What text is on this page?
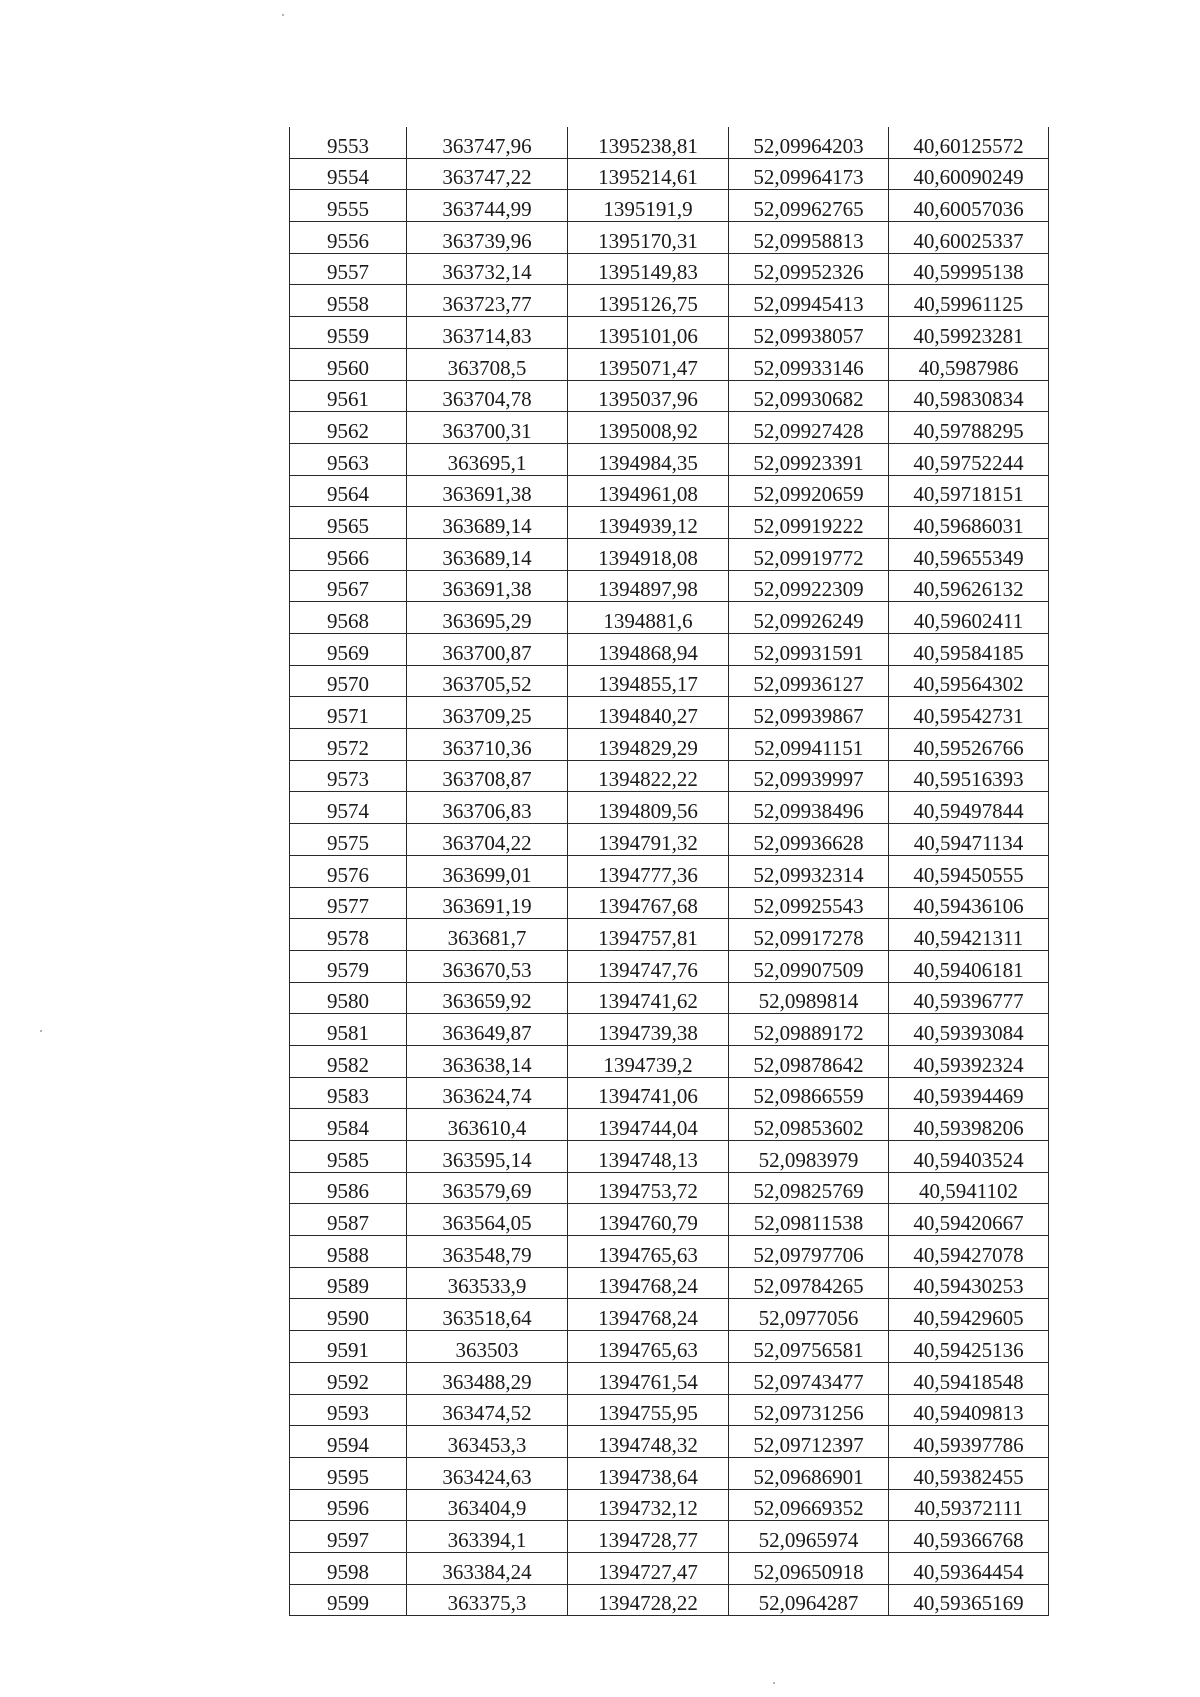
9553	363747,96	1395238,81	52,09964203	40,60125572
9554	363747,22	1395214,61	52,09964173	40,60090249
9555	363744,99	1395191,9	52,09962765	40,60057036
9556	363739,96	1395170,31	52,09958813	40,60025337
9557	363732,14	1395149,83	52,09952326	40,59995138
9558	363723,77	1395126,75	52,09945413	40,59961125
9559	363714,83	1395101,06	52,09938057	40,59923281
9560	363708,5	1395071,47	52,09933146	40,5987986
9561	363704,78	1395037,96	52,09930682	40,59830834
9562	363700,31	1395008,92	52,09927428	40,59788295
9563	363695,1	1394984,35	52,09923391	40,59752244
9564	363691,38	1394961,08	52,09920659	40,59718151
9565	363689,14	1394939,12	52,09919222	40,59686031
9566	363689,14	1394918,08	52,09919772	40,59655349
9567	363691,38	1394897,98	52,09922309	40,59626132
9568	363695,29	1394881,6	52,09926249	40,59602411
9569	363700,87	1394868,94	52,09931591	40,59584185
9570	363705,52	1394855,17	52,09936127	40,59564302
9571	363709,25	1394840,27	52,09939867	40,59542731
9572	363710,36	1394829,29	52,09941151	40,59526766
9573	363708,87	1394822,22	52,09939997	40,59516393
9574	363706,83	1394809,56	52,09938496	40,59497844
9575	363704,22	1394791,32	52,09936628	40,59471134
9576	363699,01	1394777,36	52,09932314	40,59450555
9577	363691,19	1394767,68	52,09925543	40,59436106
9578	363681,7	1394757,81	52,09917278	40,59421311
9579	363670,53	1394747,76	52,09907509	40,59406181
9580	363659,92	1394741,62	52,0989814	40,59396777
9581	363649,87	1394739,38	52,09889172	40,59393084
9582	363638,14	1394739,2	52,09878642	40,59392324
9583	363624,74	1394741,06	52,09866559	40,59394469
9584	363610,4	1394744,04	52,09853602	40,59398206
9585	363595,14	1394748,13	52,0983979	40,59403524
9586	363579,69	1394753,72	52,09825769	40,5941102
9587	363564,05	1394760,79	52,09811538	40,59420667
9588	363548,79	1394765,63	52,09797706	40,59427078
9589	363533,9	1394768,24	52,09784265	40,59430253
9590	363518,64	1394768,24	52,0977056	40,59429605
9591	363503	1394765,63	52,09756581	40,59425136
9592	363488,29	1394761,54	52,09743477	40,59418548
9593	363474,52	1394755,95	52,09731256	40,59409813
9594	363453,3	1394748,32	52,09712397	40,59397786
9595	363424,63	1394738,64	52,09686901	40,59382455
9596	363404,9	1394732,12	52,09669352	40,59372111
9597	363394,1	1394728,77	52,0965974	40,59366768
9598	363384,24	1394727,47	52,09650918	40,59364454
9599	363375,3	1394728,22	52,0964287	40,59365169
